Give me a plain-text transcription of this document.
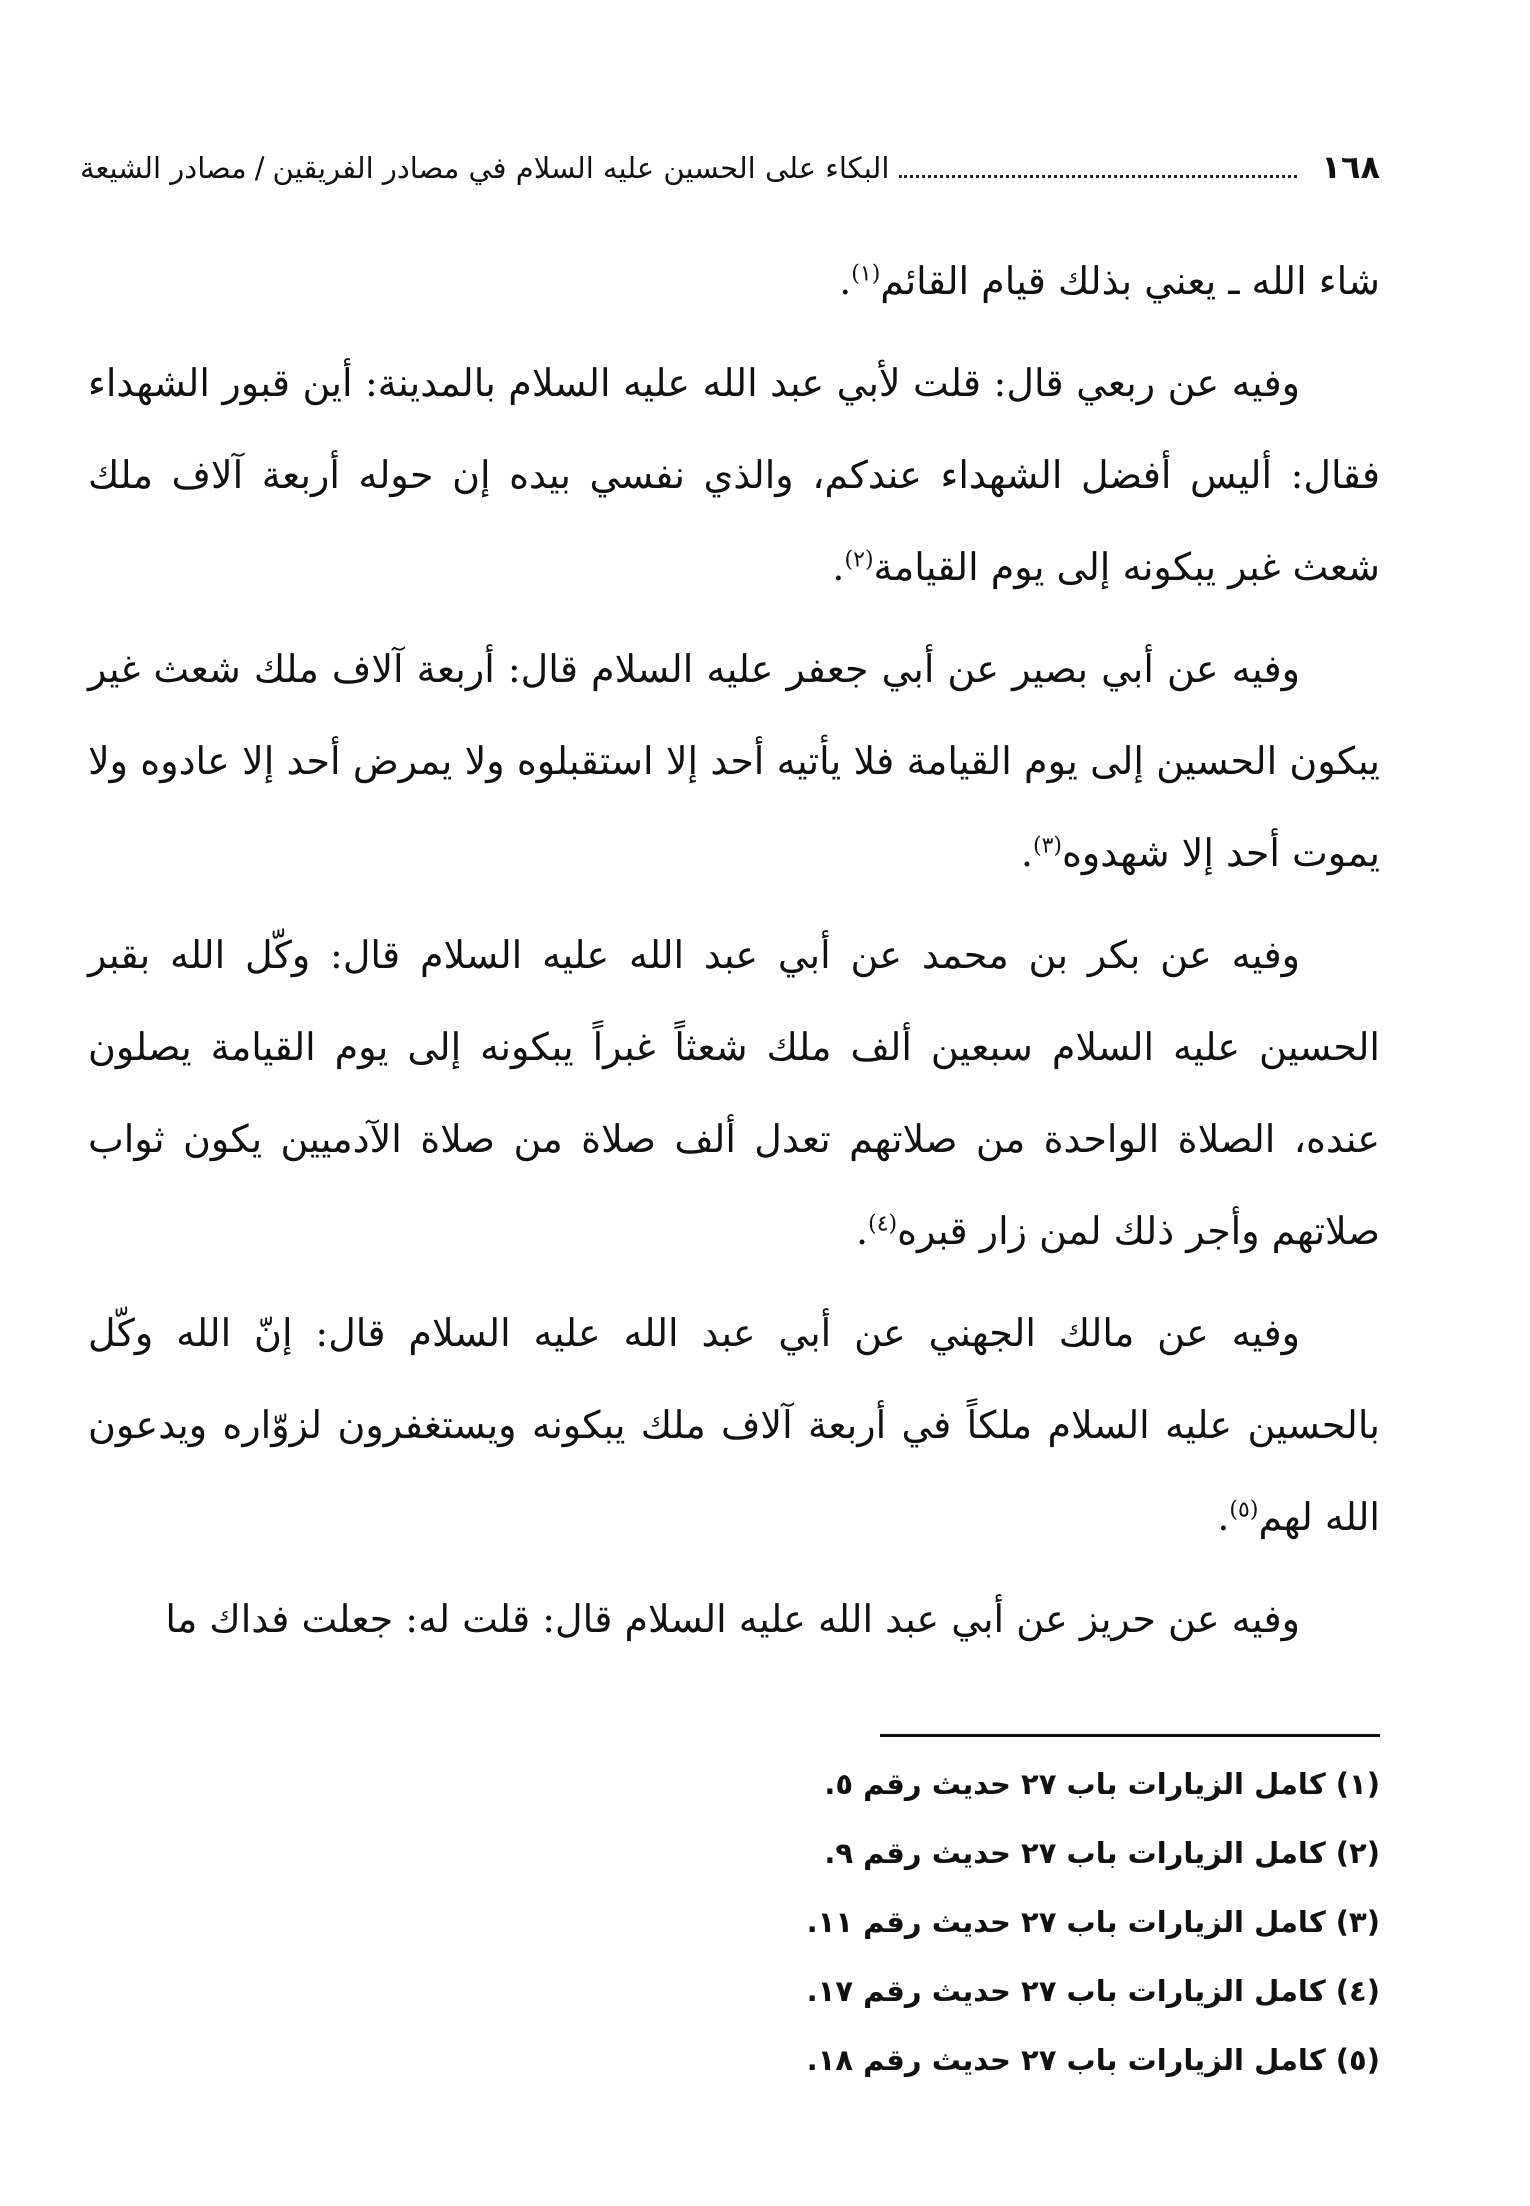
١٦٨
البكاء على الحسين عليه السلام في مصادر الفريقين
/
مصادر الشيعة

شاء الله ـ يعني بذلك قيام القائم$^{(١)}$.

وفيه عن ربعي قال: قلت لأبي عبد الله عليه السلام بالمدينة: أين قبور الشهداء فقال: أليس أفضل الشهداء عندكم، والذي نفسي بيده إن حوله أربعة آلاف ملك شعث غبر يبكونه إلى يوم القيامة$^{(٢)}$.

وفيه عن أبي بصير عن أبي جعفر عليه السلام قال: أربعة آلاف ملك شعث غير يبكون الحسين إلى يوم القيامة فلا يأتيه أحد إلا استقبلوه ولا يمرض أحد إلا عادوه ولا يموت أحد إلا شهدوه$^{(٣)}$.

وفيه عن بكر بن محمد عن أبي عبد الله عليه السلام قال: وكّل الله بقبر الحسين عليه السلام سبعين ألف ملك شعثاً غبراً يبكونه إلى يوم القيامة يصلون عنده، الصلاة الواحدة من صلاتهم تعدل ألف صلاة من صلاة الآدميين يكون ثواب صلاتهم وأجر ذلك لمن زار قبره$^{(٤)}$.

وفيه عن مالك الجهني عن أبي عبد الله عليه السلام قال: إنّ الله وكّل بالحسين عليه السلام ملكاً في أربعة آلاف ملك يبكونه ويستغفرون لزوّاره ويدعون الله لهم$^{(٥)}$.

وفيه عن حريز عن أبي عبد الله عليه السلام قال: قلت له: جعلت فداك ما

(١) كامل الزيارات باب ٢٧ حديث رقم ٥.
(٢) كامل الزيارات باب ٢٧ حديث رقم ٩.
(٣) كامل الزيارات باب ٢٧ حديث رقم ١١.
(٤) كامل الزيارات باب ٢٧ حديث رقم ١٧.
(٥) كامل الزيارات باب ٢٧ حديث رقم ١٨.
